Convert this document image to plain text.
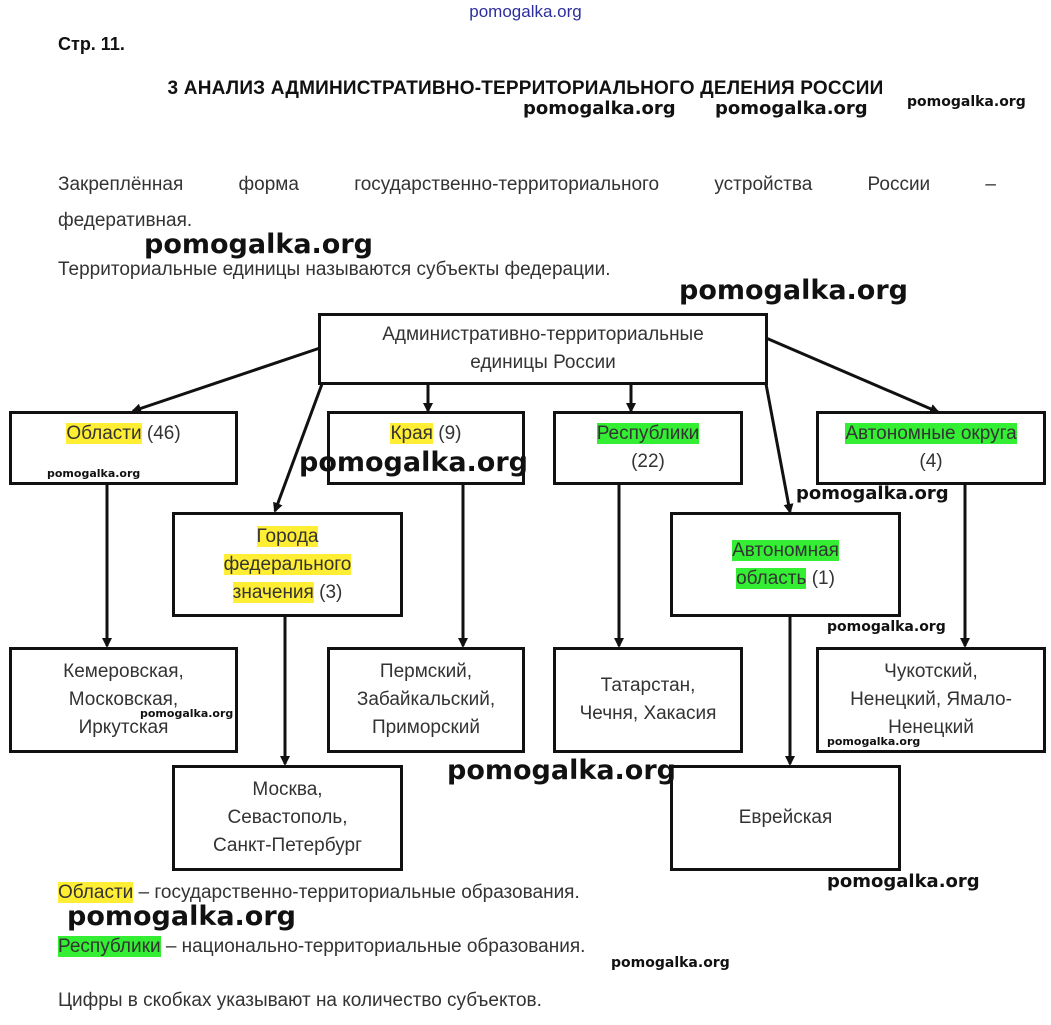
pomogalka.org
Стр. 11.
3 АНАЛИЗ АДМИНИСТРАТИВНО-ТЕРРИТОРИАЛЬНОГО ДЕЛЕНИЯ РОССИИ
Закреплённая форма государственно-территориального устройства России –
федеративная.
Территориальные единицы называются субъекты федерации.
Административно-территориальные
единицы России
Области (46)
	Края (9)
	Республики
(22)
Автономные округа
(4)
Города
федерального
значения (3)
Автономная
область (1)
Кемеровская,
Московская,
Иркутская
Пермский,
Забайкальский,
Приморский
Татарстан,
Чечня, Хакасия
Чукотский,
Ненецкий, Ямало-
Ненецкий
Москва,
Севастополь,
Санкт-Петербург
Еврейская
Области – государственно-территориальные образования.
Республики – национально-территориальные образования.
Цифры в скобках указывают на количество субъектов.
pomogalka.org pomogalka.org	pomogalka.org
pomogalka.org
pomogalka.org
pomogalka.org
pomogalka.org
pomogalka.org
pomogalka.org
pomogalka.org
pomogalka.org
pomogalka.org
pomogalka.org
pomogalka.org
pomogalka.org
